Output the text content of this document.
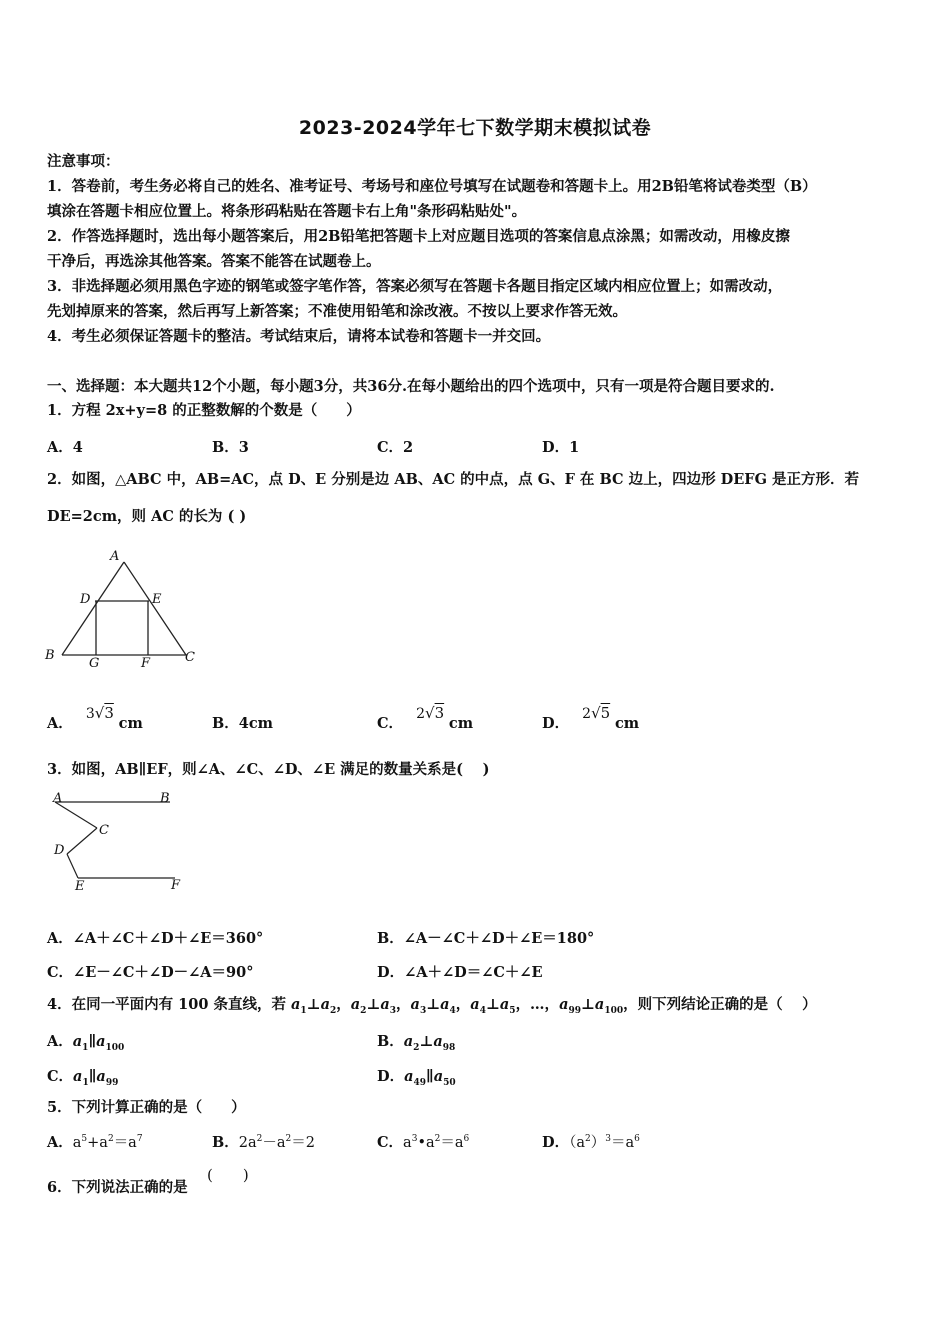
2023-2024学年七下数学期末模拟试卷
注意事项：
1．答卷前，考生务必将自己的姓名、准考证号、考场号和座位号填写在试题卷和答题卡上。用2B铅笔将试卷类型（B）
填涂在答题卡相应位置上。将条形码粘贴在答题卡右上角"条形码粘贴处"。
2．作答选择题时，选出每小题答案后，用2B铅笔把答题卡上对应题目选项的答案信息点涂黑；如需改动，用橡皮擦
干净后，再选涂其他答案。答案不能答在试题卷上。
3．非选择题必须用黑色字迹的钢笔或签字笔作答，答案必须写在答题卡各题目指定区域内相应位置上；如需改动，
先划掉原来的答案，然后再写上新答案；不准使用铅笔和涂改液。不按以上要求作答无效。
4．考生必须保证答题卡的整洁。考试结束后，请将本试卷和答题卡一并交回。
一、选择题：本大题共12个小题，每小题3分，共36分.在每小题给出的四个选项中，只有一项是符合题目要求的.
1．方程 2x+y=8 的正整数解的个数是（　　）
A．4	B．3	C．2	D．1
2．如图，△ABC 中，AB=AC，点 D、E 分别是边 AB、AC 的中点，点 G、F 在 BC 边上，四边形 DEFG 是正方形．若
DE=2cm，则 AC 的长为 ( )
A
D	E
B
G	F	C
A． 3√3 cm	B．4cm	C． 2√3 cm	D． 2√5 cm
3．如图，AB∥EF，则∠A、∠C、∠D、∠E 满足的数量关系是(　 )
A	B
C
D
E	F
A．∠A＋∠C＋∠D＋∠E＝360°	B．∠A－∠C＋∠D＋∠E＝180°
C．∠E－∠C＋∠D－∠A＝90°	D．∠A＋∠D＝∠C＋∠E
4．在同一平面内有 100 条直线，若 $a_1\perp a_2$，$a_2\perp a_3$，$a_3\perp a_4$，$a_4\perp a_5$，…，$a_{99}\perp a_{100}$，则下列结论正确的是（　 ）
A．$a_1\parallel a_{100}$	B．$a_2\perp a_{98}$
C．$a_1\parallel a_{99}$	D．$a_{49}\parallel a_{50}$
5．下列计算正确的是（　　）
A．$a^5+a^2=a^7$	B．$2a^2-a^2=2$	C．$a^3•a^2=a^6$	D．$(a^2)^3=a^6$
6．下列说法正确的是
(　　)
